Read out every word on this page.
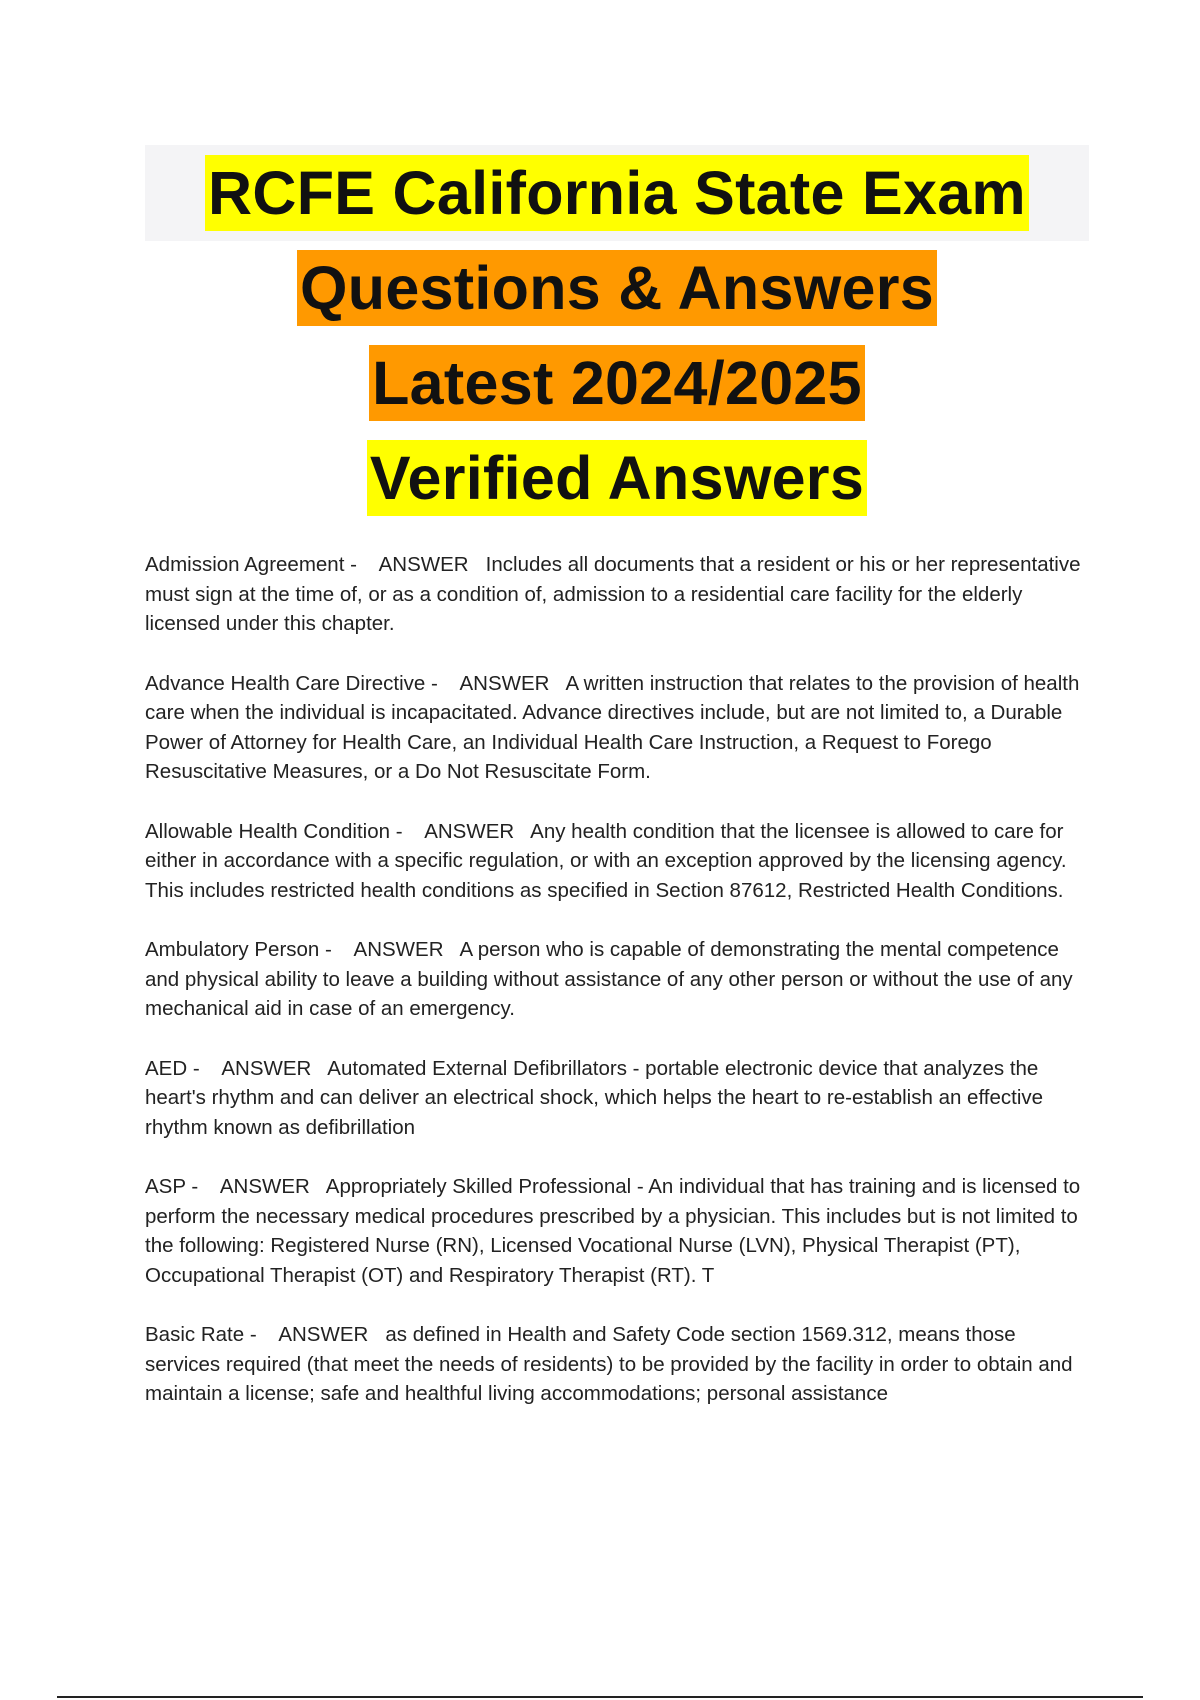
RCFE California State Exam
Questions & Answers
Latest 2024/2025
Verified Answers

Admission Agreement -    ANSWER Includes all documents that a resident or his or her representative must sign at the time of, or as a condition of, admission to a residential care facility for the elderly licensed under this chapter.

Advance Health Care Directive -    ANSWER A written instruction that relates to the provision of health care when the individual is incapacitated. Advance directives include, but are not limited to, a Durable Power of Attorney for Health Care, an Individual Health Care Instruction, a Request to Forego Resuscitative Measures, or a Do Not Resuscitate Form.

Allowable Health Condition -    ANSWER Any health condition that the licensee is allowed to care for either in accordance with a specific regulation, or with an exception approved by the licensing agency. This includes restricted health conditions as specified in Section 87612, Restricted Health Conditions.

Ambulatory Person -    ANSWER A person who is capable of demonstrating the mental competence and physical ability to leave a building without assistance of any other person or without the use of any mechanical aid in case of an emergency.

AED -    ANSWER Automated External Defibrillators - portable electronic device that analyzes the heart's rhythm and can deliver an electrical shock, which helps the heart to re-establish an effective rhythm known as defibrillation

ASP -    ANSWER Appropriately Skilled Professional - An individual that has training and is licensed to perform the necessary medical procedures prescribed by a physician. This includes but is not limited to the following: Registered Nurse (RN), Licensed Vocational Nurse (LVN), Physical Therapist (PT), Occupational Therapist (OT) and Respiratory Therapist (RT). T

Basic Rate -    ANSWER as defined in Health and Safety Code section 1569.312, means those services required (that meet the needs of residents) to be provided by the facility in order to obtain and maintain a license; safe and healthful living accommodations; personal assistance
